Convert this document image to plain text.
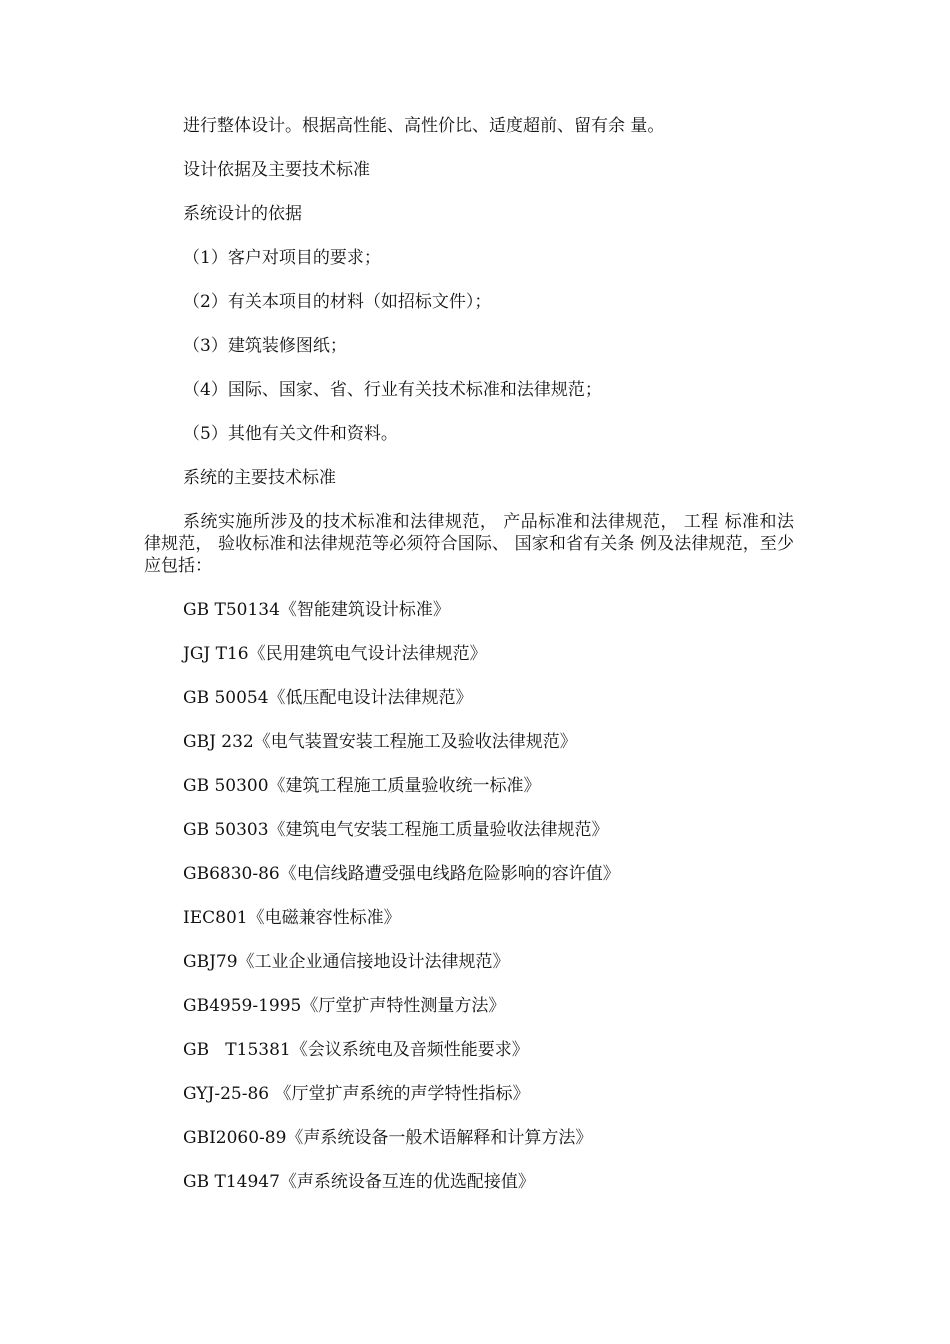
进行整体设计。根据高性能、高性价比、适度超前、留有余 量。

设计依据及主要技术标准

系统设计的依据

（1）客户对项目的要求；

（2）有关本项目的材料（如招标文件）；

（3）建筑装修图纸；

（4）国际、国家、省、行业有关技术标准和法律规范；

（5）其他有关文件和资料。

系统的主要技术标准

系统实施所涉及的技术标准和法律规范， 产品标准和法律规范， 工程 标准和法律规范， 验收标准和法律规范等必须符合国际、 国家和省有关条 例及法律规范，至少应包括：

GB T50134《智能建筑设计标准》

JGJ T16《民用建筑电气设计法律规范》

GB 50054《低压配电设计法律规范》

GBJ 232《电气装置安装工程施工及验收法律规范》

GB 50300《建筑工程施工质量验收统一标准》

GB 50303《建筑电气安装工程施工质量验收法律规范》

GB6830-86《电信线路遭受强电线路危险影响的容许值》

IEC801《电磁兼容性标准》

GBJ79《工业企业通信接地设计法律规范》

GB4959-1995《厅堂扩声特性测量方法》

GB   T15381《会议系统电及音频性能要求》

GYJ-25-86 《厅堂扩声系统的声学特性指标》

GBI2060-89《声系统设备一般术语解释和计算方法》

GB T14947《声系统设备互连的优选配接值》
